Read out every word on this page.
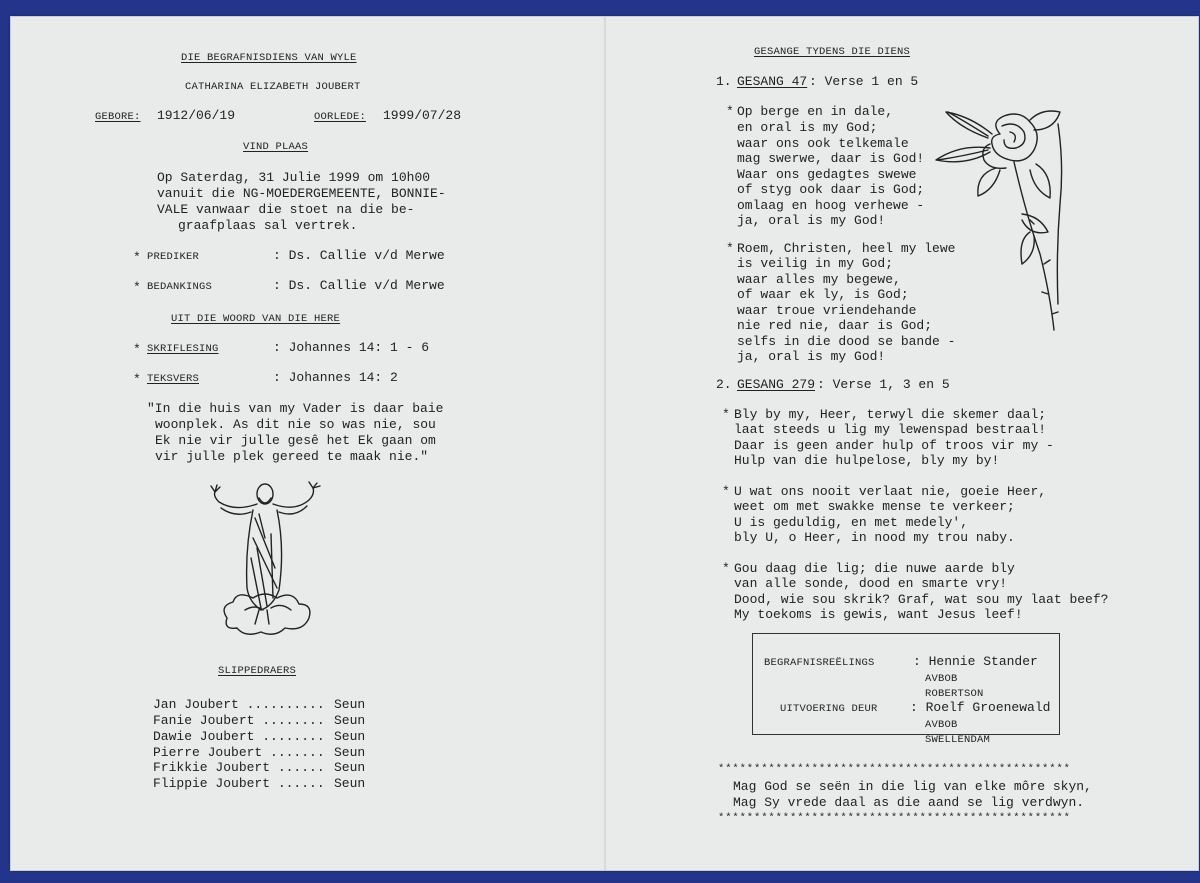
DIE BEGRAFNISDIENS VAN WYLE
CATHARINA ELIZABETH JOUBERT
GEBORE: 1912/06/19	OORLEDE: 1999/07/28
VIND PLAAS
Op Saterdag, 31 Julie 1999 om 10h00
vanuit die NG-MOEDERGEMEENTE, BONNIE-
VALE vanwaar die stoet na die be-
graafplaas sal vertrek.
* PREDIKER	: Ds. Callie v/d Merwe
* BEDANKINGS	: Ds. Callie v/d Merwe
UIT DIE WOORD VAN DIE HERE
* SKRIFLESING	: Johannes 14: 1 - 6
* TEKSVERS	: Johannes 14: 2
"In die huis van my Vader is daar baie
woonplek. As dit nie so was nie, sou
Ek nie vir julle gesê het Ek gaan om
vir julle plek gereed te maak nie."
SLIPPEDRAERS
Jan Joubert .......... Seun
Fanie Joubert ........ Seun
Dawie Joubert ........ Seun
Pierre Joubert ....... Seun
Frikkie Joubert ...... Seun
Flippie Joubert ...... Seun
GESANGE TYDENS DIE DIENS
1. GESANG 47 : Verse 1 en 5
* Op berge en in dale,
en oral is my God;
waar ons ook telkemale
mag swerwe, daar is God!
Waar ons gedagtes swewe
of styg ook daar is God;
omlaag en hoog verhewe -
ja, oral is my God!
* Roem, Christen, heel my lewe
is veilig in my God;
waar alles my begewe,
of waar ek ly, is God;
waar troue vriendehande
nie red nie, daar is God;
selfs in die dood se bande -
ja, oral is my God!
2. GESANG 279 : Verse 1, 3 en 5
* Bly by my, Heer, terwyl die skemer daal;
laat steeds u lig my lewenspad bestraal!
Daar is geen ander hulp of troos vir my -
Hulp van die hulpelose, bly my by!
* U wat ons nooit verlaat nie, goeie Heer,
weet om met swakke mense te verkeer;
U is geduldig, en met medely',
bly U, o Heer, in nood my trou naby.
* Gou daag die lig; die nuwe aarde bly
van alle sonde, dood en smarte vry!
Dood, wie sou skrik? Graf, wat sou my laat beef?
My toekoms is gewis, want Jesus leef!
BEGRAFNISREËLINGS	: Hennie Stander
AVBOB
ROBERTSON
UITVOERING DEUR : Roelf Groenewald
AVBOB
SWELLENDAM
*************************************************
Mag God se seën in die lig van elke môre skyn,
Mag Sy vrede daal as die aand se lig verdwyn.
*************************************************
